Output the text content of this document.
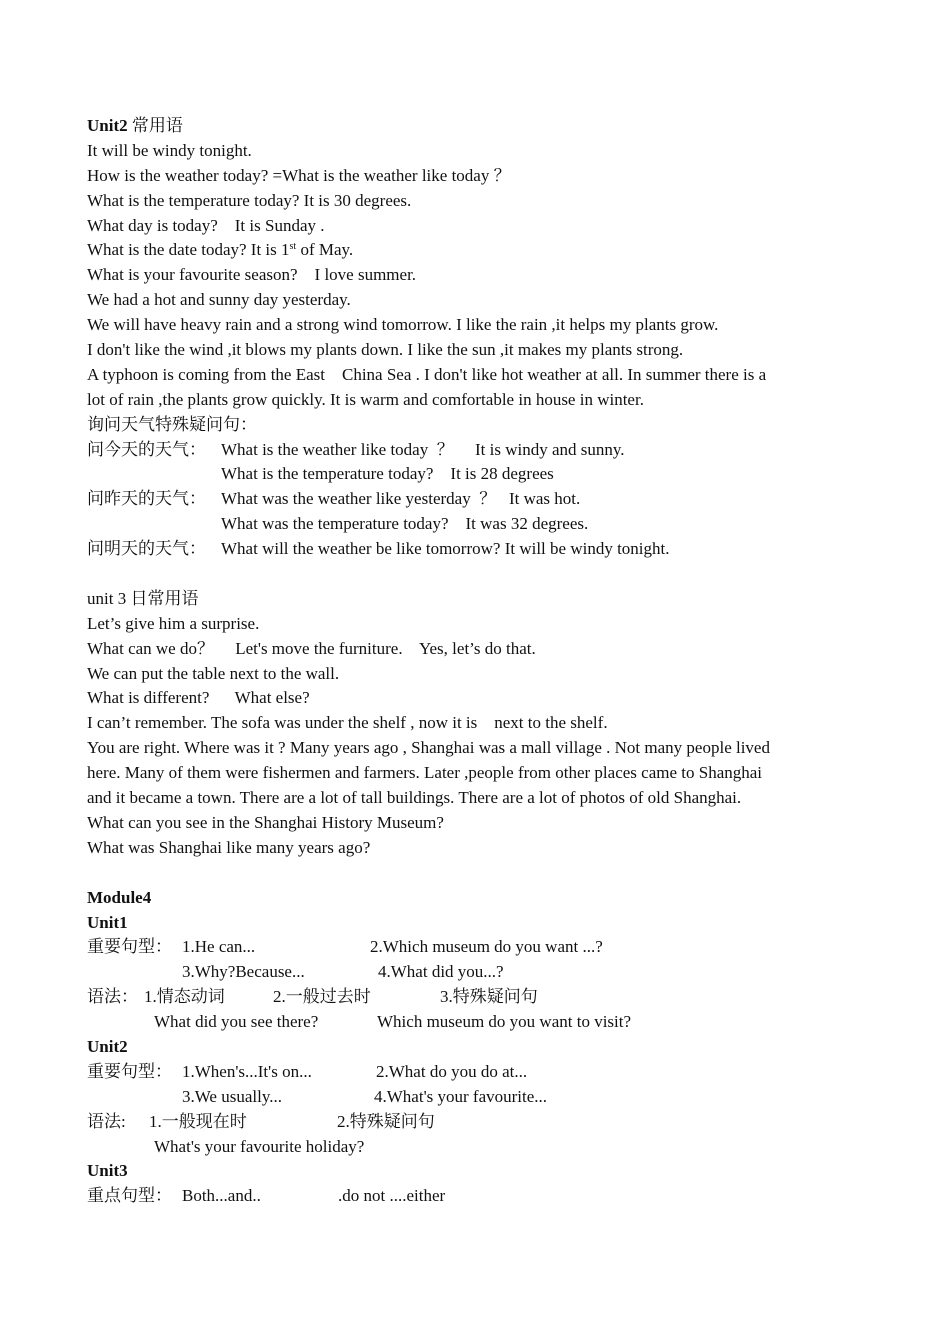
Unit2 常用语
It will be windy tonight.
How is the weather today? =What is the weather like today ？
What is the temperature today? It is 30 degrees.
What day is today?    It is Sunday .
What is the date today? It is 1st of May.
What is your favourite season?    I love summer.
We had a hot and sunny day yesterday.
We will have heavy rain and a strong wind tomorrow. I like the rain ,it helps my plants grow.
I don't like the wind ,it blows my plants down. I like the sun ,it makes my plants strong.
A typhoon is coming from the East    China Sea . I don't like hot weather at all. In summer there is a
lot of rain ,the plants grow quickly. It is warm and comfortable in house in winter.
询问天气特殊疑问句：
问今天的天气： What is the weather like today  ？     It is windy and sunny.
What is the temperature today?    It is 28 degrees
问昨天的天气： What was the weather like yesterday  ？   It was hot.
What was the temperature today?    It was 32 degrees.
问明天的天气： What will the weather be like tomorrow? It will be windy tonight.
unit 3 日常用语
Let’s give him a surprise.
What can we do？     Let's move the furniture.    Yes, let’s do that.
We can put the table next to the wall.
What is different?      What else?
I can’t remember. The sofa was under the shelf , now it is    next to the shelf.
You are right. Where was it ? Many years ago , Shanghai was a mall village . Not many people lived
here. Many of them were fishermen and farmers. Later ,people from other places came to Shanghai
and it became a town. There are a lot of tall buildings. There are a lot of photos of old Shanghai.
What can you see in the Shanghai History Museum?
What was Shanghai like many years ago?
Module4
Unit1
重要句型： 1.He can...	2.Which museum do you want ...?
3.Why?Because...	4.What did you...?
语法： 1.情态动词	2.一般过去时	3.特殊疑问句
What did you see there?	Which museum do you want to visit?
Unit2
重要句型： 1.When's...It's on...	2.What do you do at...
3.We usually...	4.What's your favourite...
语法: 1.一般现在时	2.特殊疑问句
What's your favourite holiday?
Unit3
重点句型： Both...and..	.do not ....either
